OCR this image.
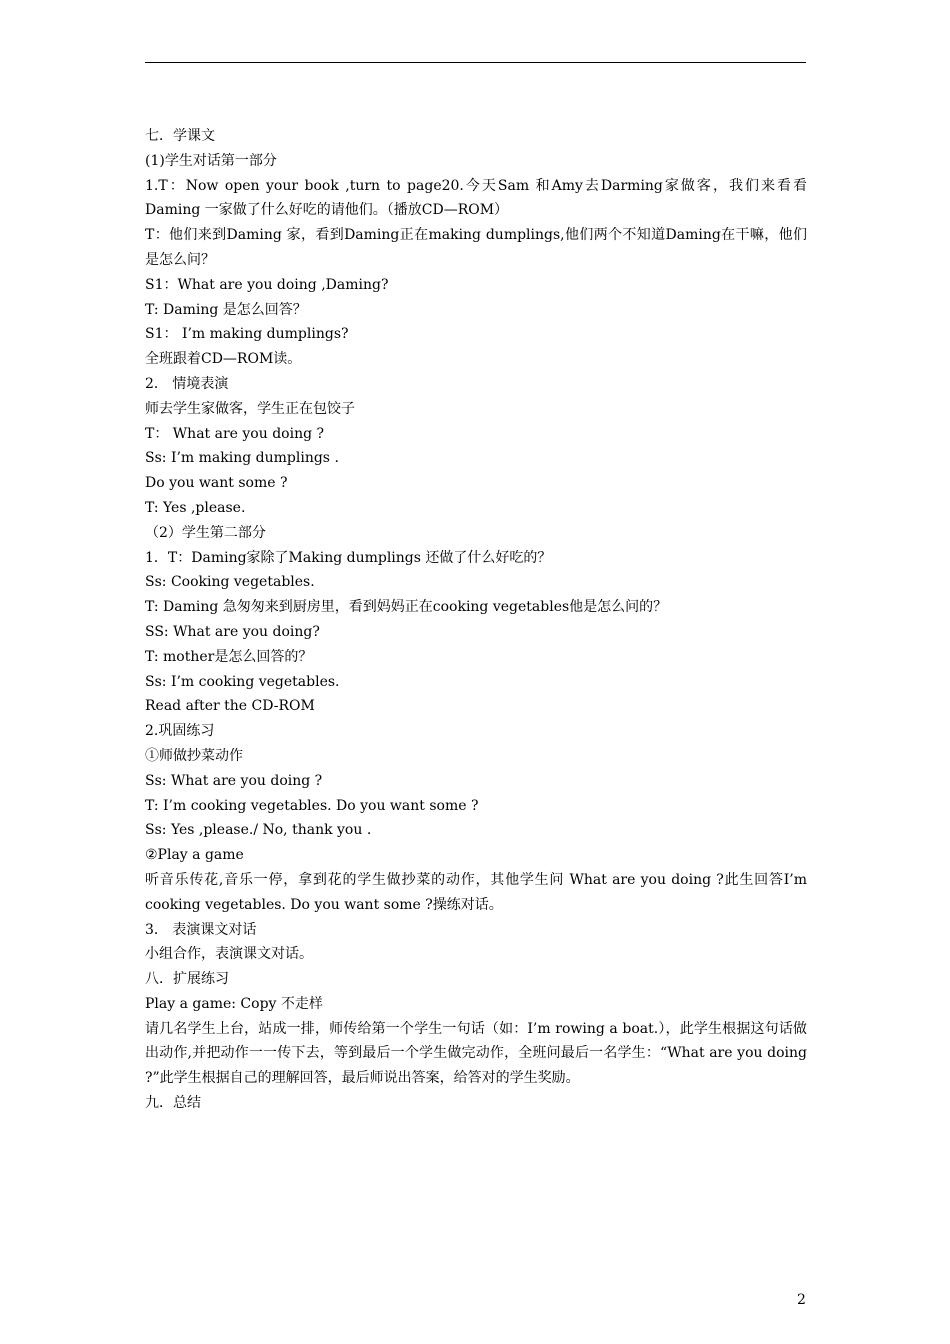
七．学课文
(1)学生对话第一部分
1.T：Now open your book ,turn to page20.今天Sam 和Amy去Darming家做客，我们来看看Daming 一家做了什么好吃的请他们。（播放CD—ROM）
T：他们来到Daming 家，看到Daming正在making dumplings,他们两个不知道Daming在干嘛，他们是怎么问？
S1：What are you doing ,Daming?
T: Daming 是怎么回答？
S1： I’m making dumplings?
全班跟着CD—ROM读。
2． 情境表演
师去学生家做客，学生正在包饺子
T： What are you doing ?
Ss: I’m making dumplings .
Do you want some ?
T: Yes ,please.
（2）学生第二部分
1．T：Daming家除了Making dumplings 还做了什么好吃的？
Ss: Cooking vegetables.
T: Daming 急匆匆来到厨房里，看到妈妈正在cooking vegetables他是怎么问的？
SS: What are you doing?
T: mother是怎么回答的？
Ss: I’m cooking vegetables.
Read after the CD-ROM
2.巩固练习
①师做抄菜动作
Ss: What are you doing ?
T: I’m cooking vegetables. Do you want some ?
Ss: Yes ,please./ No, thank you .
②Play a game
听音乐传花,音乐一停，拿到花的学生做抄菜的动作，其他学生问 What are you doing ?此生回答I’m cooking vegetables. Do you want some ?操练对话。
3． 表演课文对话
小组合作，表演课文对话。
八．扩展练习
Play a game: Copy 不走样
请几名学生上台，站成一排，师传给第一个学生一句话（如：I’m rowing a boat.），此学生根据这句话做出动作,并把动作一一传下去，等到最后一个学生做完动作，全班问最后一名学生：“What are you doing ?”此学生根据自己的理解回答，最后师说出答案，给答对的学生奖励。
九．总结
2
